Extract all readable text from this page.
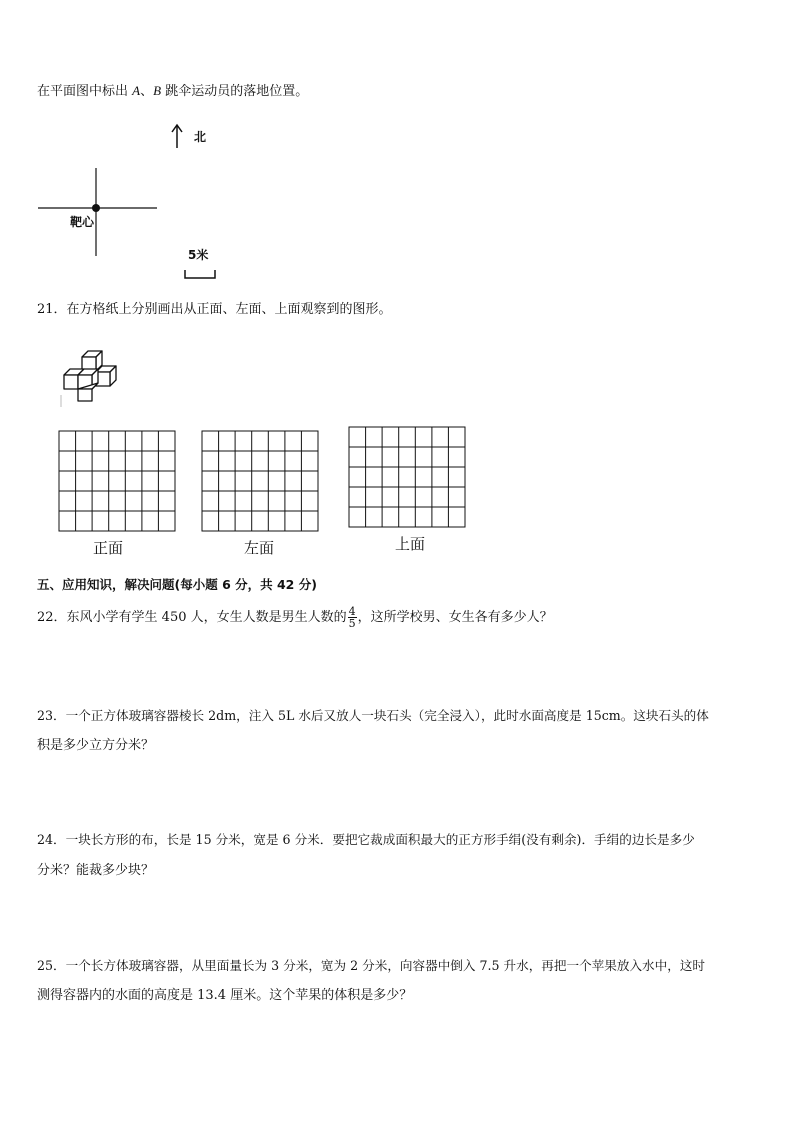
在平面图中标出 A、B 跳伞运动员的落地位置。
北
靶心
5米
21．在方格纸上分别画出从正面、左面、上面观察到的图形。
正面	左面	上面
五、应用知识，解决问题(每小题 6 分，共 42 分)
22．东风小学有学生 450 人，女生人数是男生人数的 $\frac{4}{5}$ ，这所学校男、女生各有多少人？
23．一个正方体玻璃容器棱长 2dm，注入 5L 水后又放人一块石头（完全浸入），此时水面高度是 15cm。这块石头的体
积是多少立方分米？
24．一块长方形的布，长是 15 分米，宽是 6 分米．要把它裁成面积最大的正方形手绢(没有剩余)．手绢的边长是多少
分米？能裁多少块？
25．一个长方体玻璃容器，从里面量长为 3 分米，宽为 2 分米，向容器中倒入 7.5 升水，再把一个苹果放入水中，这时
测得容器内的水面的高度是 13.4 厘米。这个苹果的体积是多少？
